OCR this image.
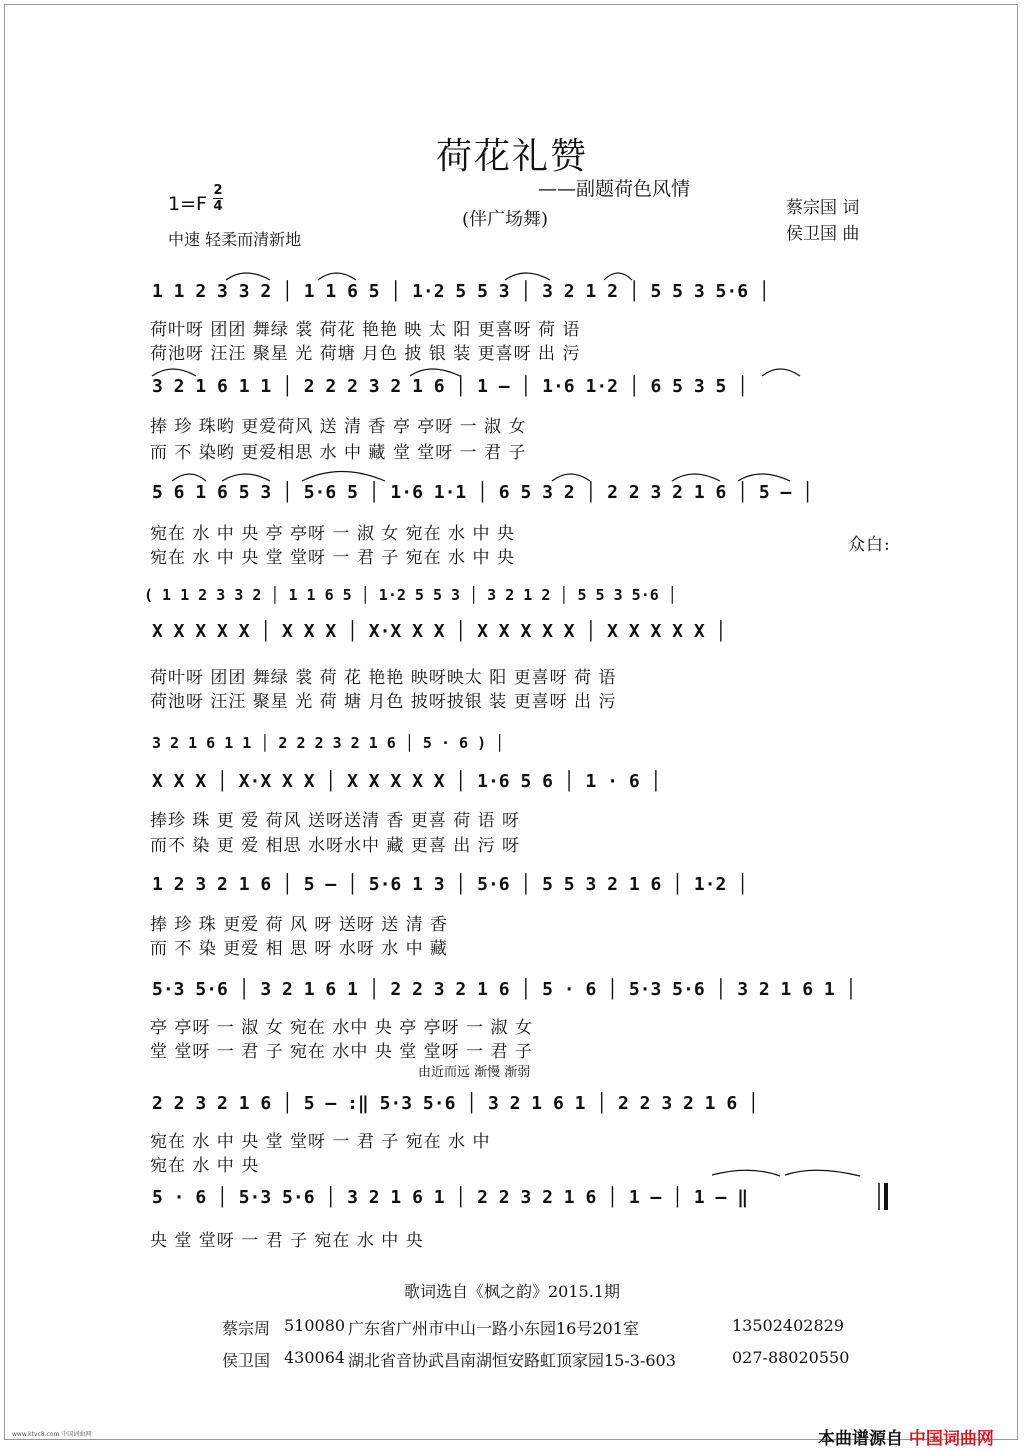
荷花礼赞
——副题荷色风情
(伴广场舞)
蔡宗国 词
侯卫国 曲
1=F
2
4
中速 轻柔而清新地
1 1 2 3 3 2 │ 1 1 6 5 │ 1·2 5 5 3 │ 3 2 1 2 │ 5 5 3 5·6 │
荷叶呀 团团 舞绿 裳 荷花 艳艳 映 太 阳 更喜呀 荷 语
荷池呀 汪汪 聚星 光 荷塘 月色 披 银 装 更喜呀 出 污
3 2 1 6 1 1 │ 2 2 2 3 2 1 6 │ 1 – │ 1·6 1·2 │ 6 5 3 5 │
捧 珍 珠哟 更爱荷风 送 清 香 亭 亭呀 一 淑 女
而 不 染哟 更爱相思 水 中 藏 堂 堂呀 一 君 子
5 6 1 6 5 3 │ 5·6 5 │ 1·6 1·1 │ 6 5 3 2 │ 2 2 3 2 1 6 │ 5 – │
宛在 水 中 央 亭 亭呀 一 淑 女 宛在 水 中 央
宛在 水 中 央 堂 堂呀 一 君 子 宛在 水 中 央
众白:
( 1 1 2 3 3 2 │ 1 1 6 5 │ 1·2 5 5 3 │ 3 2 1 2 │ 5 5 3 5·6 │
X X X X X │ X X X │ X·X X X │ X X X X X │ X X X X X │
荷叶呀 团团 舞绿 裳 荷 花 艳艳 映呀映太 阳 更喜呀 荷 语
荷池呀 汪汪 聚星 光 荷 塘 月色 披呀披银 装 更喜呀 出 污
3 2 1 6 1 1 │ 2 2 2 3 2 1 6 │ 5 · 6 ) │
X X X │ X·X X X │ X X X X X │ 1·6 5 6 │ 1 · 6 │
捧珍 珠 更 爱 荷风 送呀送清 香 更喜 荷 语 呀
而不 染 更 爱 相思 水呀水中 藏 更喜 出 污 呀
1 2 3 2 1 6 │ 5 – │ 5·6 1 3 │ 5·6 │ 5 5 3 2 1 6 │ 1·2 │
捧 珍 珠 更爱 荷 风 呀 送呀 送 清 香
而 不 染 更爱 相 思 呀 水呀 水 中 藏
5·3 5·6 │ 3 2 1 6 1 │ 2 2 3 2 1 6 │ 5 · 6 │ 5·3 5·6 │ 3 2 1 6 1 │
亭 亭呀 一 淑 女 宛在 水中 央 亭 亭呀 一 淑 女
堂 堂呀 一 君 子 宛在 水中 央 堂 堂呀 一 君 子
由近而远 渐慢 渐弱
2 2 3 2 1 6 │ 5 – :‖ 5·3 5·6 │ 3 2 1 6 1 │ 2 2 3 2 1 6 │
宛在 水 中 央 堂 堂呀 一 君 子 宛在 水 中
宛在 水 中 央
5 · 6 │ 5·3 5·6 │ 3 2 1 6 1 │ 2 2 3 2 1 6 │ 1 – │ 1 – ‖
央 堂 堂呀 一 君 子 宛在 水 中 央
歌词选自《枫之韵》2015.1期
蔡宗周 510080 广东省广州市中山一路小东园16号201室	13502402829
侯卫国 430064 湖北省音协武昌南湖恒安路虹顶家园15-3-603	027-88020550
www.ktvc8.com 中国词曲网	本曲谱源自 中国词曲网
